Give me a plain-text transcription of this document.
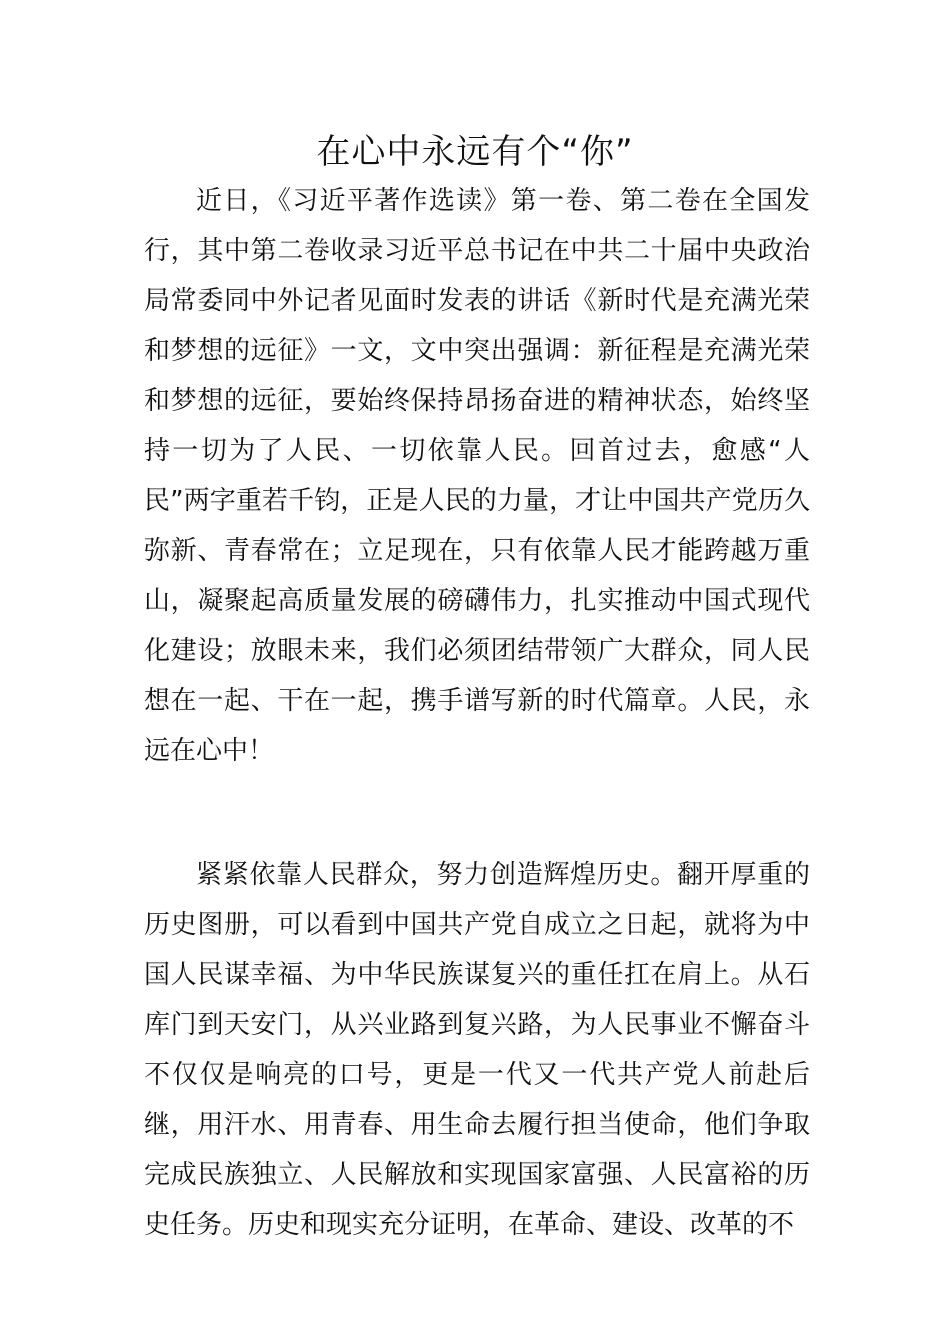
在心中永远有个“你”

近日，《习近平著作选读》第一卷、第二卷在全国发行，其中第二卷收录习近平总书记在中共二十届中央政治局常委同中外记者见面时发表的讲话《新时代是充满光荣和梦想的远征》一文，文中突出强调：新征程是充满光荣和梦想的远征，要始终保持昂扬奋进的精神状态，始终坚持一切为了人民、一切依靠人民。回首过去，愈感“人民”两字重若千钧，正是人民的力量，才让中国共产党历久弥新、青春常在；立足现在，只有依靠人民才能跨越万重山，凝聚起高质量发展的磅礴伟力，扎实推动中国式现代化建设；放眼未来，我们必须团结带领广大群众，同人民想在一起、干在一起，携手谱写新的时代篇章。人民，永远在心中！

紧紧依靠人民群众，努力创造辉煌历史。翻开厚重的历史图册，可以看到中国共产党自成立之日起，就将为中国人民谋幸福、为中华民族谋复兴的重任扛在肩上。从石库门到天安门，从兴业路到复兴路，为人民事业不懈奋斗不仅仅是响亮的口号，更是一代又一代共产党人前赴后继，用汗水、用青春、用生命去履行担当使命，他们争取完成民族独立、人民解放和实现国家富强、人民富裕的历史任务。历史和现实充分证明，在革命、建设、改革的不
